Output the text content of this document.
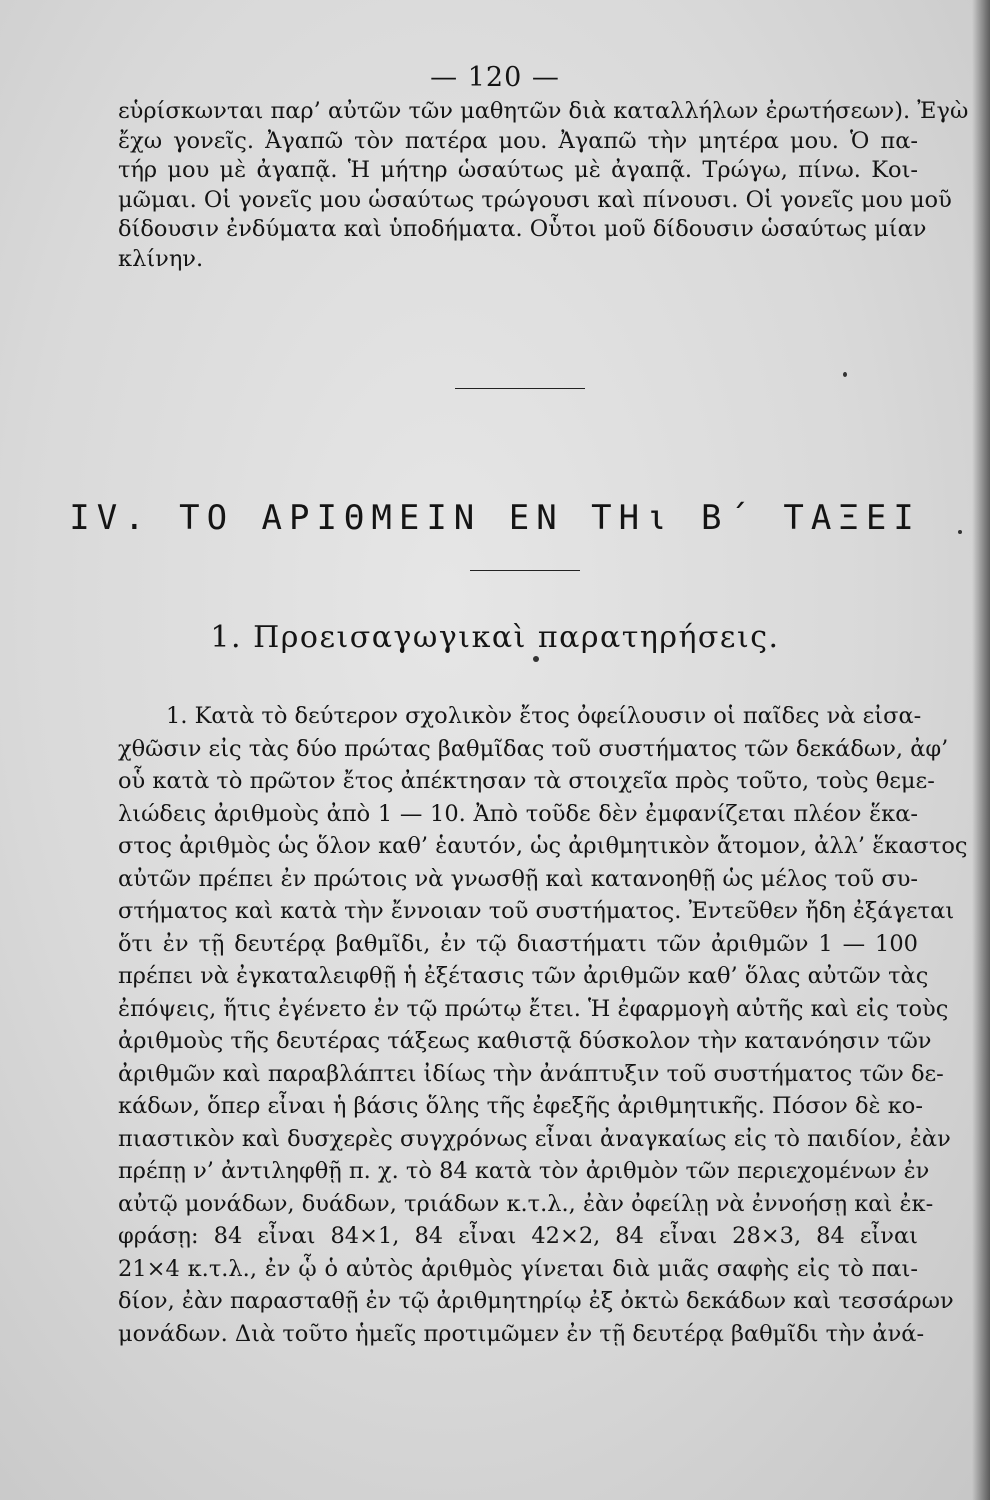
— 120 —
εὑρίσκωνται παρ’ αὐτῶν τῶν μαθητῶν διὰ καταλλήλων ἐρωτήσεων). Ἐγὼ
ἔχω γονεῖς. Ἀγαπῶ τὸν πατέρα μου. Ἀγαπῶ τὴν μητέρα μου. Ὁ πα-
τήρ μου μὲ ἀγαπᾷ. Ἡ μήτηρ ὡσαύτως μὲ ἀγαπᾷ. Τρώγω, πίνω. Κοι-
μῶμαι. Οἱ γονεῖς μου ὡσαύτως τρώγουσι καὶ πίνουσι. Οἱ γονεῖς μου μοῦ
δίδουσιν ἐνδύματα καὶ ὑποδήματα. Οὗτοι μοῦ δίδουσιν ὡσαύτως μίαν
κλίνην.
IV. ΤΟ ΑΡΙΘΜΕΙΝ ΕΝ ΤΗι Β΄ ΤΑΞΕΙ
1. Προεισαγωγικαὶ παρατηρήσεις.
1. Κατὰ τὸ δεύτερον σχολικὸν ἔτος ὀφείλουσιν οἱ παῖδες νὰ εἰσα-
χθῶσιν εἰς τὰς δύο πρώτας βαθμῖδας τοῦ συστήματος τῶν δεκάδων, ἀφ’
οὗ κατὰ τὸ πρῶτον ἔτος ἀπέκτησαν τὰ στοιχεῖα πρὸς τοῦτο, τοὺς θεμε-
λιώδεις ἀριθμοὺς ἀπὸ 1 — 10. Ἀπὸ τοῦδε δὲν ἐμφανίζεται πλέον ἕκα-
στος ἀριθμὸς ὡς ὅλον καθ’ ἑαυτόν, ὡς ἀριθμητικὸν ἄτομον, ἀλλ’ ἕκαστος
αὐτῶν πρέπει ἐν πρώτοις νὰ γνωσθῇ καὶ κατανοηθῇ ὡς μέλος τοῦ συ-
στήματος καὶ κατὰ τὴν ἔννοιαν τοῦ συστήματος. Ἐντεῦθεν ἤδη ἐξάγεται
ὅτι ἐν τῇ δευτέρᾳ βαθμῖδι, ἐν τῷ διαστήματι τῶν ἀριθμῶν 1 — 100
πρέπει νὰ ἐγκαταλειφθῇ ἡ ἐξέτασις τῶν ἀριθμῶν καθ’ ὅλας αὐτῶν τὰς
ἐπόψεις, ἥτις ἐγένετο ἐν τῷ πρώτῳ ἔτει. Ἡ ἐφαρμογὴ αὐτῆς καὶ εἰς τοὺς
ἀριθμοὺς τῆς δευτέρας τάξεως καθιστᾷ δύσκολον τὴν κατανόησιν τῶν
ἀριθμῶν καὶ παραβλάπτει ἰδίως τὴν ἀνάπτυξιν τοῦ συστήματος τῶν δε-
κάδων, ὅπερ εἶναι ἡ βάσις ὅλης τῆς ἐφεξῆς ἀριθμητικῆς. Πόσον δὲ κο-
πιαστικὸν καὶ δυσχερὲς συγχρόνως εἶναι ἀναγκαίως εἰς τὸ παιδίον, ἐὰν
πρέπῃ ν’ ἀντιληφθῇ π. χ. τὸ 84 κατὰ τὸν ἀριθμὸν τῶν περιεχομένων ἐν
αὐτῷ μονάδων, δυάδων, τριάδων κ.τ.λ., ἐὰν ὀφείλῃ νὰ ἐννοήσῃ καὶ ἐκ-
φράσῃ: 84 εἶναι 84×1, 84 εἶναι 42×2, 84 εἶναι 28×3, 84 εἶναι
21×4 κ.τ.λ., ἐν ᾧ ὁ αὐτὸς ἀριθμὸς γίνεται διὰ μιᾶς σαφὴς εἰς τὸ παι-
δίον, ἐὰν παρασταθῇ ἐν τῷ ἀριθμητηρίῳ ἐξ ὀκτὼ δεκάδων καὶ τεσσάρων
μονάδων. Διὰ τοῦτο ἡμεῖς προτιμῶμεν ἐν τῇ δευτέρᾳ βαθμῖδι τὴν ἀνά-
